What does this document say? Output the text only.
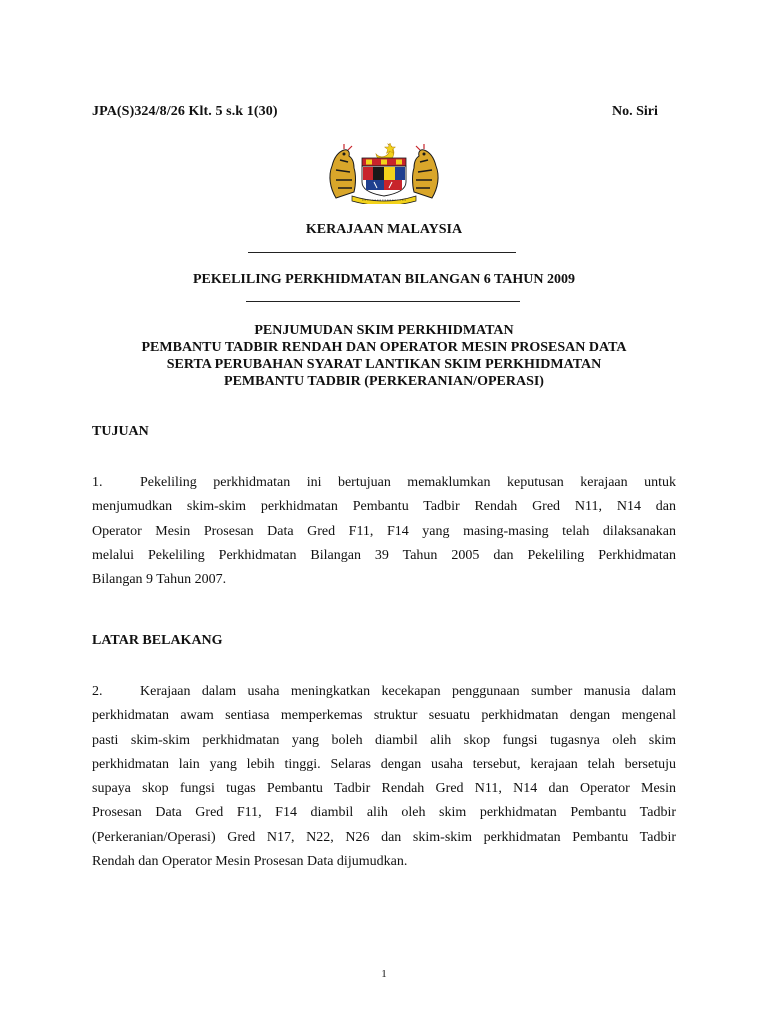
JPA(S)324/8/26 Klt. 5 s.k 1(30)	No. Siri
KERAJAAN MALAYSIA
PEKELILING PERKHIDMATAN BILANGAN 6 TAHUN 2009
PENJUMUDAN SKIM PERKHIDMATAN
PEMBANTU TADBIR RENDAH DAN OPERATOR MESIN PROSESAN DATA
SERTA PERUBAHAN SYARAT LANTIKAN SKIM PERKHIDMATAN
PEMBANTU TADBIR (PERKERANIAN/OPERASI)
TUJUAN
1.	Pekeliling perkhidmatan ini bertujuan memaklumkan keputusan kerajaan untuk
menjumudkan skim-skim perkhidmatan Pembantu Tadbir Rendah Gred N11, N14 dan
Operator Mesin Prosesan Data Gred F11, F14 yang masing-masing telah dilaksanakan
melalui Pekeliling Perkhidmatan Bilangan 39 Tahun 2005 dan Pekeliling Perkhidmatan
Bilangan 9 Tahun 2007.
LATAR BELAKANG
2.	Kerajaan dalam usaha meningkatkan kecekapan penggunaan sumber manusia dalam
perkhidmatan awam sentiasa memperkemas struktur sesuatu perkhidmatan dengan mengenal
pasti skim-skim perkhidmatan yang boleh diambil alih skop fungsi tugasnya oleh skim
perkhidmatan lain yang lebih tinggi. Selaras dengan usaha tersebut, kerajaan telah bersetuju
supaya skop fungsi tugas Pembantu Tadbir Rendah Gred N11, N14 dan Operator Mesin
Prosesan Data Gred F11, F14 diambil alih oleh skim perkhidmatan Pembantu Tadbir
(Perkeranian/Operasi) Gred N17, N22, N26 dan skim-skim perkhidmatan Pembantu Tadbir
Rendah dan Operator Mesin Prosesan Data dijumudkan.
1
